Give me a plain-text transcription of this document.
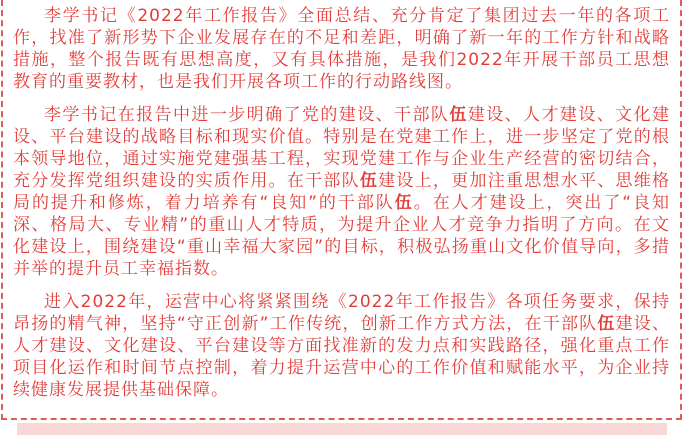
李学书记《2022年工作报告》全面总结、充分肯定了集团过去一年的各项工作，找准了新形势下企业发展存在的不足和差距，明确了新一年的工作方针和战略措施，整个报告既有思想高度，又有具体措施，是我们2022年开展干部员工思想教育的重要教材，也是我们开展各项工作的行动路线图。

李学书记在报告中进一步明确了党的建设、干部队伍建设、人才建设、文化建设、平台建设的战略目标和现实价值。特别是在党建工作上，进一步坚定了党的根本领导地位，通过实施党建强基工程，实现党建工作与企业生产经营的密切结合，充分发挥党组织建设的实质作用。在干部队伍建设上，更加注重思想水平、思维格局的提升和修炼，着力培养有“良知”的干部队伍。在人才建设上，突出了“良知深、格局大、专业精”的重山人才特质，为提升企业人才竞争力指明了方向。在文化建设上，围绕建设“重山幸福大家园”的目标，积极弘扬重山文化价值导向，多措并举的提升员工幸福指数。

进入2022年，运营中心将紧紧围绕《2022年工作报告》各项任务要求，保持昂扬的精气神，坚持“守正创新”工作传统，创新工作方式方法，在干部队伍建设、人才建设、文化建设、平台建设等方面找准新的发力点和实践路径，强化重点工作项目化运作和时间节点控制，着力提升运营中心的工作价值和赋能水平，为企业持续健康发展提供基础保障。
